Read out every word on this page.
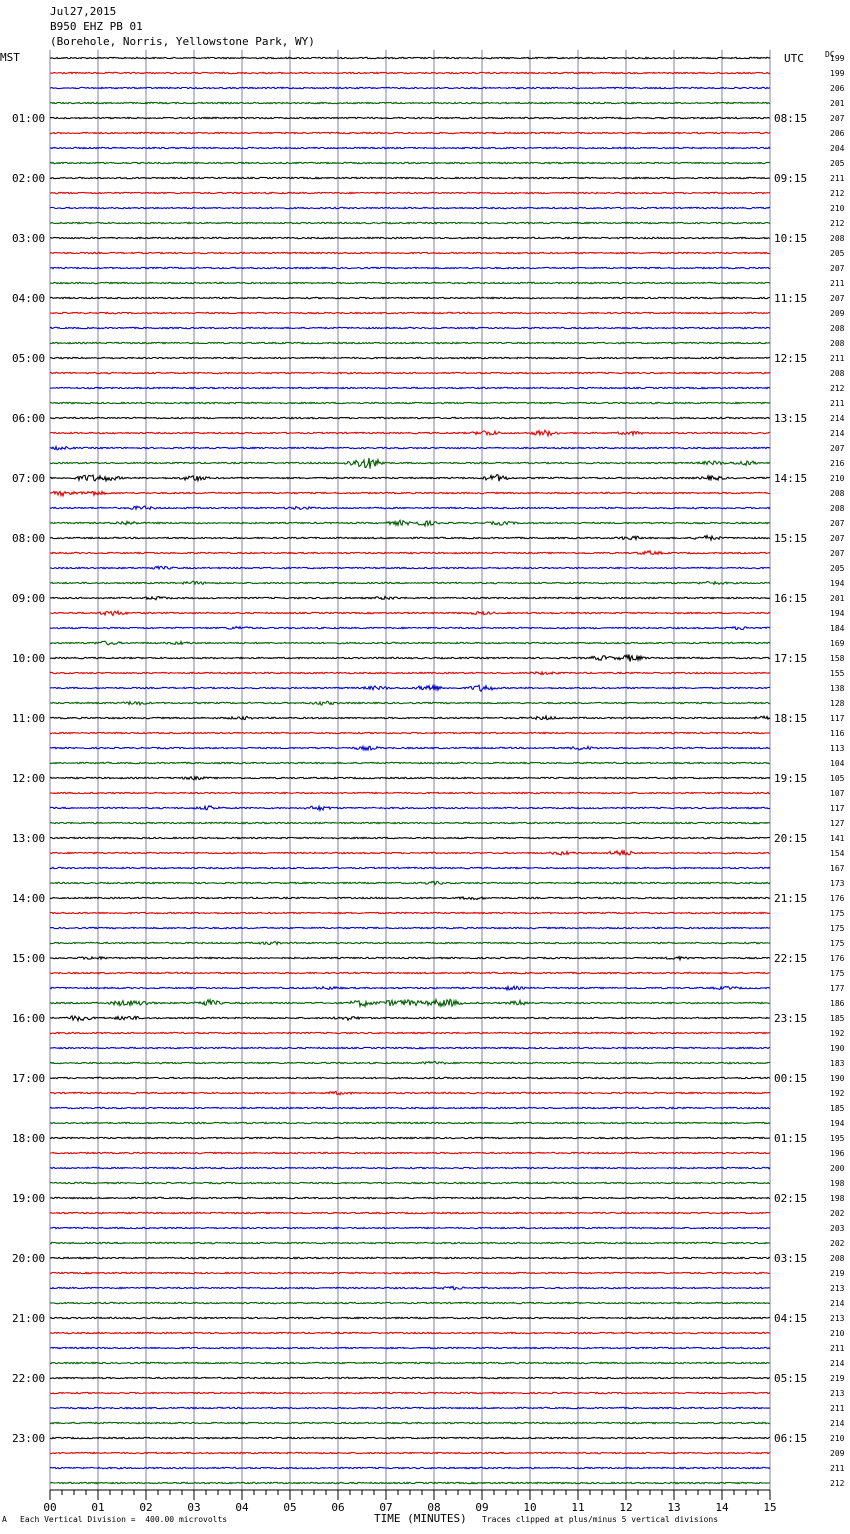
Jul27,2015
B950 EHZ PB 01
(Borehole, Norris, Yellowstone Park, WY)
MST	DC
199
199
206
201
207
206
204
205
211
212
210
212
208
205
207
211
207
209
208
208
211
208
212
211
214
214
207
216
210
208
208
207
207
207
205
194
201
194
184
169
158
155
138
128
117
116
113
104
105
107
117
127
141
154
167
173
176
175
175
175
176
175
177
186
185
192
190
183
190
192
185
194
195
196
200
198
198
202
203
202
208
219
213
214
213
210
211
214
219
213
211
214
210
209
211
212
UTC
01:00	08:15
02:00	09:15
03:00	10:15
04:00	11:15
05:00	12:15
06:00	13:15
07:00	14:15
08:00	15:15
09:00	16:15
10:00	17:15
11:00	18:15
12:00	19:15
13:00	20:15
14:00	21:15
15:00	22:15
16:00	23:15
17:00	00:15
18:00	01:15
19:00	02:15
20:00	03:15
21:00	04:15
22:00	05:15
23:00	06:15
00	01	02	03	04	05	06	07	08	09	10	11	12	13	14	15
A Each Vertical Division =  400.00 microvolts	TIME (MINUTES) Traces clipped at plus/minus 5 vertical divisions
